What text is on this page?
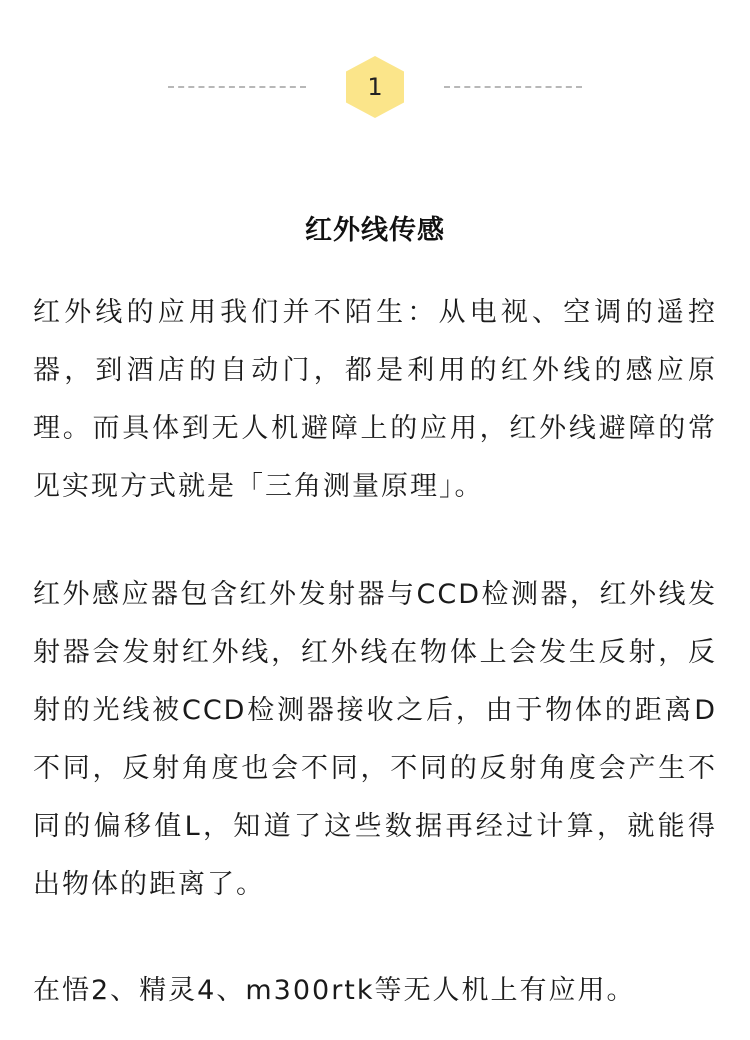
1
红外线传感

红外线的应用我们并不陌生：从电视、空调的遥控器，到酒店的自动门，都是利用的红外线的感应原理。而具体到无人机避障上的应用，红外线避障的常见实现方式就是「三角测量原理」。

红外感应器包含红外发射器与CCD检测器，红外线发射器会发射红外线，红外线在物体上会发生反射，反射的光线被CCD检测器接收之后，由于物体的距离D不同，反射角度也会不同，不同的反射角度会产生不同的偏移值L，知道了这些数据再经过计算，就能得出物体的距离了。

在悟2、精灵4、m300rtk等无人机上有应用。
